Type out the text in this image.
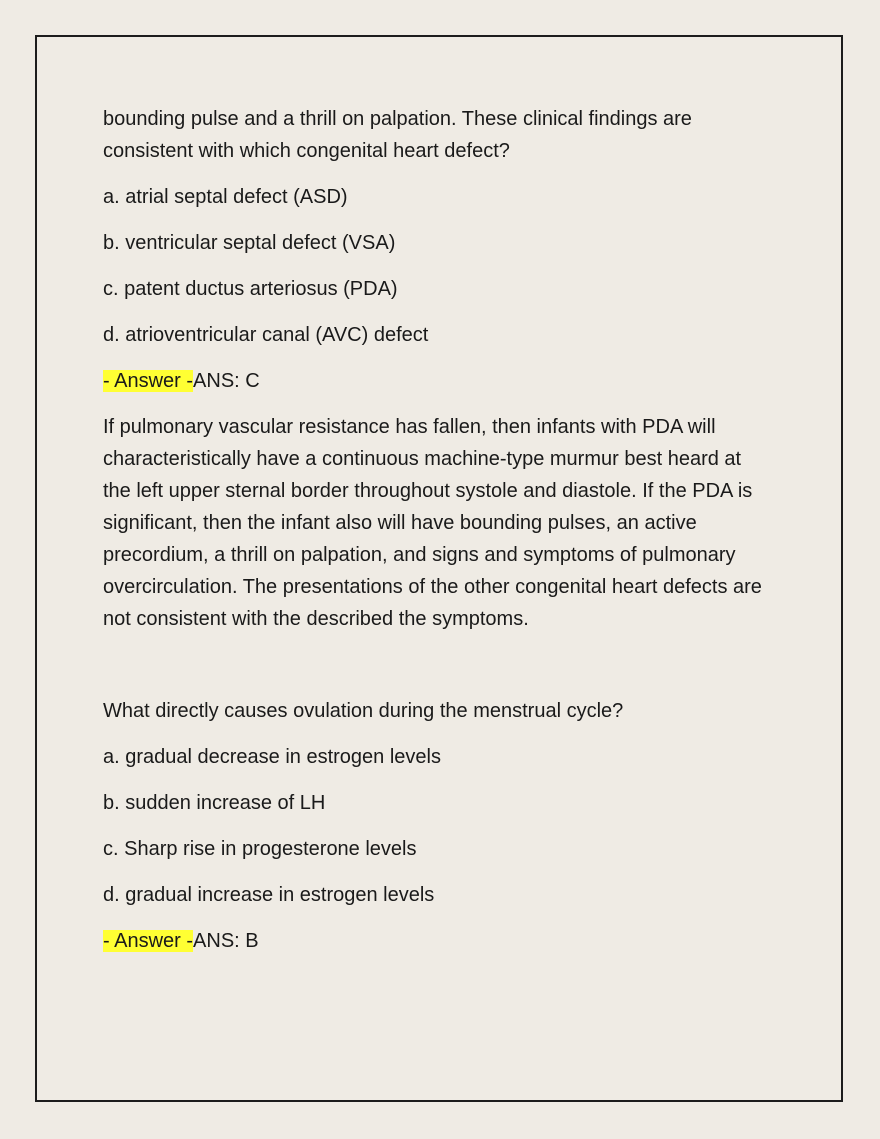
bounding pulse and a thrill on palpation. These clinical findings are consistent with which congenital heart defect?

a. atrial septal defect (ASD)

b. ventricular septal defect (VSA)

c. patent ductus arteriosus (PDA)

d. atrioventricular canal (AVC) defect

- Answer -ANS: C

If pulmonary vascular resistance has fallen, then infants with PDA will characteristically have a continuous machine-type murmur best heard at the left upper sternal border throughout systole and diastole. If the PDA is significant, then the infant also will have bounding pulses, an active precordium, a thrill on palpation, and signs and symptoms of pulmonary overcirculation. The presentations of the other congenital heart defects are not consistent with the described the symptoms.

What directly causes ovulation during the menstrual cycle?

a. gradual decrease in estrogen levels

b. sudden increase of LH

c. Sharp rise in progesterone levels

d. gradual increase in estrogen levels

- Answer -ANS: B
